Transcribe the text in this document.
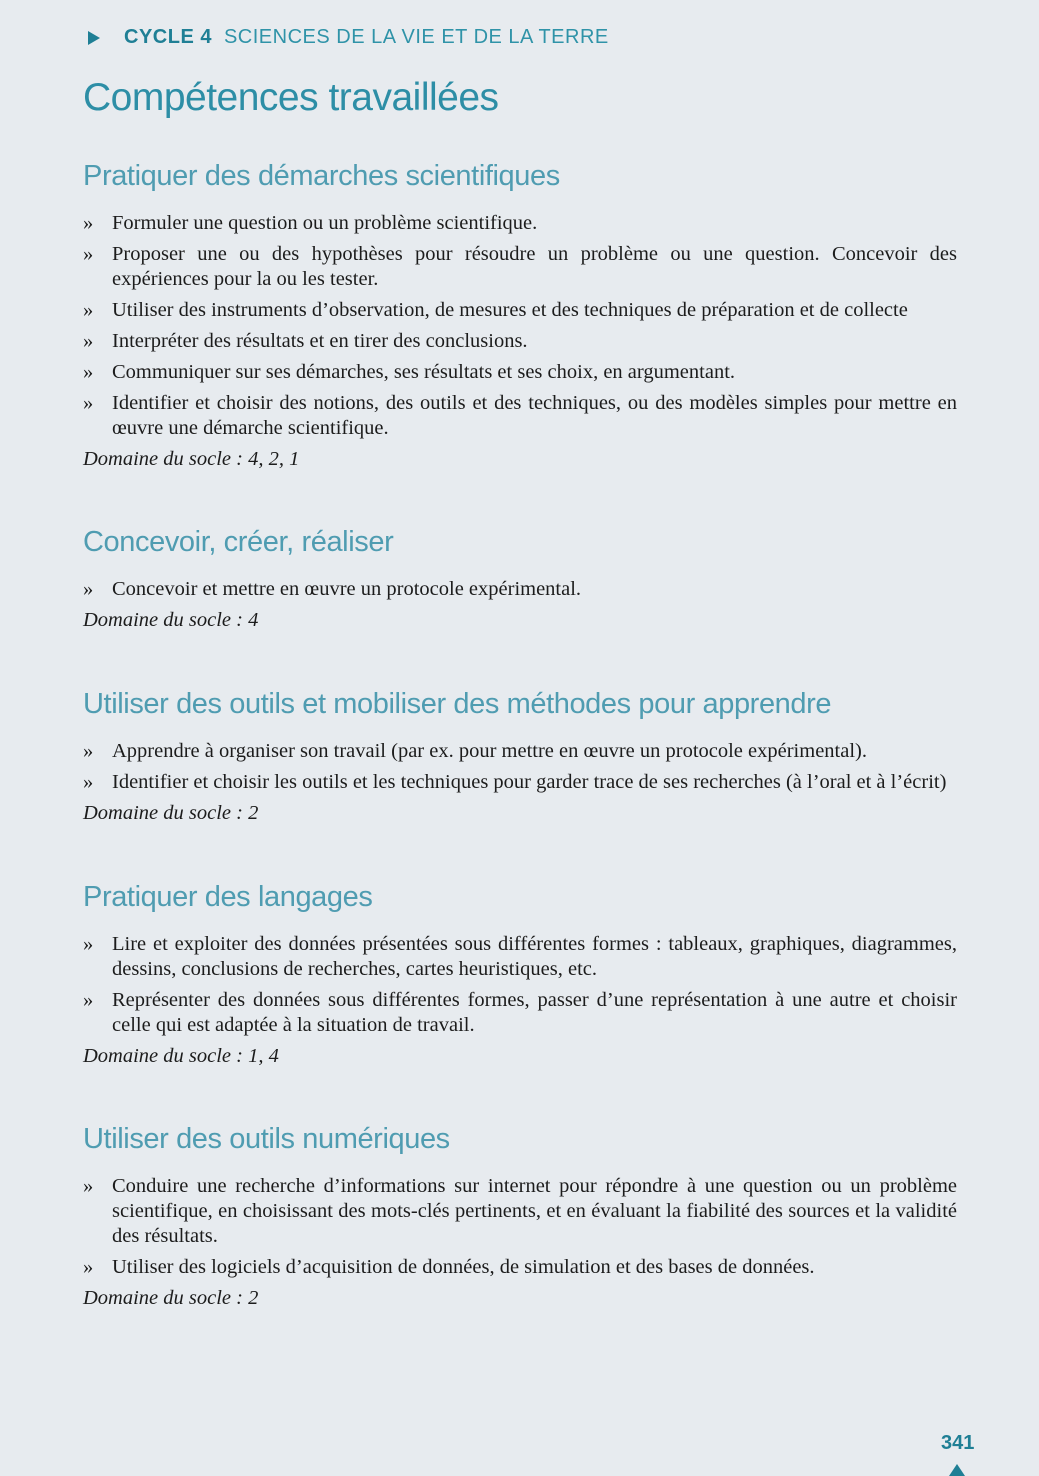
CYCLE 4 SCIENCES DE LA VIE ET DE LA TERRE
Compétences travaillées
Pratiquer des démarches scientifiques
» Formuler une question ou un problème scientifique.
» Proposer une ou des hypothèses pour résoudre un problème ou une question. Concevoir des expériences pour la ou les tester.
» Utiliser des instruments d’observation, de mesures et des techniques de préparation et de collecte
» Interpréter des résultats et en tirer des conclusions.
» Communiquer sur ses démarches, ses résultats et ses choix, en argumentant.
» Identifier et choisir des notions, des outils et des techniques, ou des modèles simples pour mettre en œuvre une démarche scientifique.
Domaine du socle : 4, 2, 1
Concevoir, créer, réaliser
» Concevoir et mettre en œuvre un protocole expérimental.
Domaine du socle : 4
Utiliser des outils et mobiliser des méthodes pour apprendre
» Apprendre à organiser son travail (par ex. pour mettre en œuvre un protocole expérimental).
» Identifier et choisir les outils et les techniques pour garder trace de ses recherches (à l’oral et à l’écrit)
Domaine du socle : 2
Pratiquer des langages
» Lire et exploiter des données présentées sous différentes formes : tableaux, graphiques, diagrammes, dessins, conclusions de recherches, cartes heuristiques, etc.
» Représenter des données sous différentes formes, passer d’une représentation à une autre et choisir celle qui est adaptée à la situation de travail.
Domaine du socle : 1, 4
Utiliser des outils numériques
» Conduire une recherche d’informations sur internet pour répondre à une question ou un problème scientifique, en choisissant des mots-clés pertinents, et en évaluant la fiabilité des sources et la validité des résultats.
» Utiliser des logiciels d’acquisition de données, de simulation et des bases de données.
Domaine du socle : 2
341
